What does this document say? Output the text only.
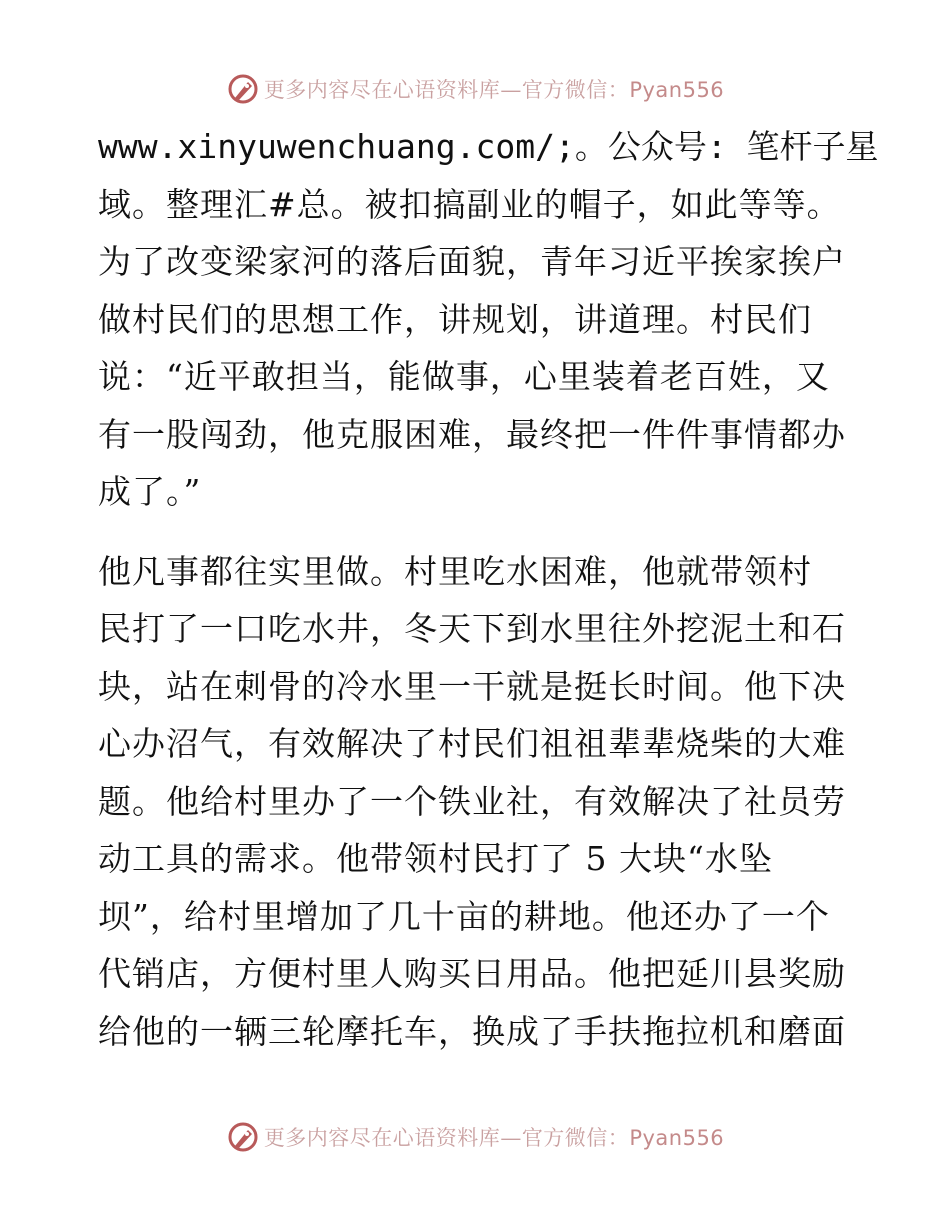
更多内容尽在心语资料库—官方微信：Pyan556
www.xinyuwenchuang.com/;。公众号: 笔杆子星
域。整理汇#总。被扣搞副业的帽子，如此等等。
为了改变梁家河的落后面貌，青年习近平挨家挨户
做村民们的思想工作，讲规划，讲道理。村民们
说：“近平敢担当，能做事，心里装着老百姓，又
有一股闯劲，他克服困难，最终把一件件事情都办
成了。”
他凡事都往实里做。村里吃水困难，他就带领村
民打了一口吃水井，冬天下到水里往外挖泥土和石
块，站在刺骨的冷水里一干就是挺长时间。他下决
心办沼气，有效解决了村民们祖祖辈辈烧柴的大难
题。他给村里办了一个铁业社，有效解决了社员劳
动工具的需求。他带领村民打了 5 大块“水坠
坝”，给村里增加了几十亩的耕地。他还办了一个
代销店，方便村里人购买日用品。他把延川县奖励
给他的一辆三轮摩托车，换成了手扶拖拉机和磨面
更多内容尽在心语资料库—官方微信：Pyan556
